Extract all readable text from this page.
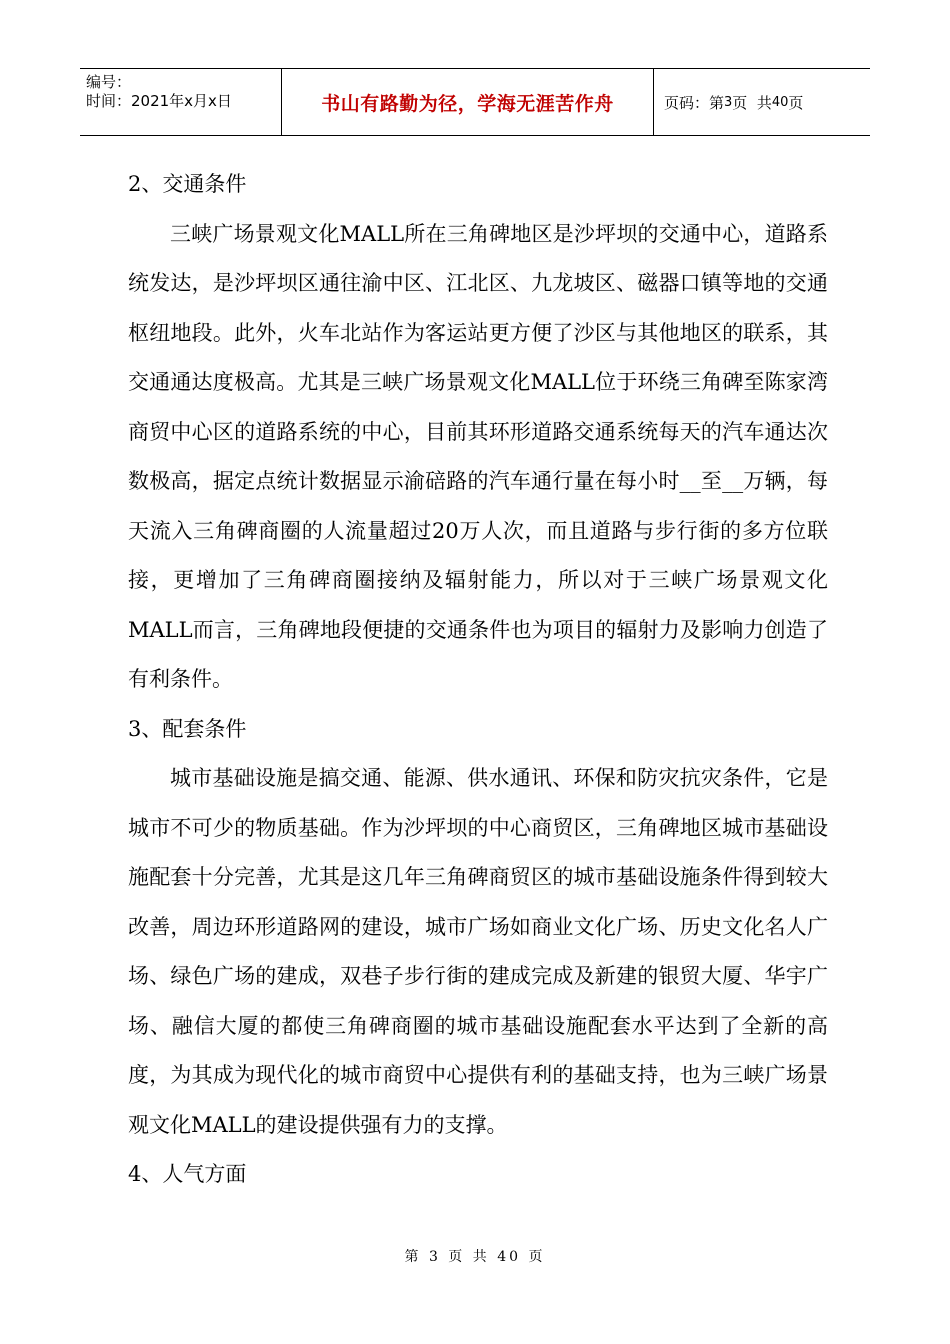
编号：
时间：2021年x月x日	书山有路勤为径，学海无涯苦作舟	页码：第 3 页  共 40 页

2、交通条件

三峡广场景观文化MALL所在三角碑地区是沙坪坝的交通中心，道路系统发达，是沙坪坝区通往渝中区、江北区、九龙坡区、磁器口镇等地的交通枢纽地段。此外，火车北站作为客运站更方便了沙区与其他地区的联系，其交通通达度极高。尤其是三峡广场景观文化MALL位于环绕三角碑至陈家湾商贸中心区的道路系统的中心，目前其环形道路交通系统每天的汽车通达次数极高，据定点统计数据显示渝碚路的汽车通行量在每小时__至__万辆，每天流入三角碑商圈的人流量超过20万人次，而且道路与步行街的多方位联接，更增加了三角碑商圈接纳及辐射能力，所以对于三峡广场景观文化MALL而言，三角碑地段便捷的交通条件也为项目的辐射力及影响力创造了有利条件。

3、配套条件

城市基础设施是搞交通、能源、供水通讯、环保和防灾抗灾条件，它是城市不可少的物质基础。作为沙坪坝的中心商贸区，三角碑地区城市基础设施配套十分完善，尤其是这几年三角碑商贸区的城市基础设施条件得到较大改善，周边环形道路网的建设，城市广场如商业文化广场、历史文化名人广场、绿色广场的建成，双巷子步行街的建成完成及新建的银贸大厦、华宇广场、融信大厦的都使三角碑商圈的城市基础设施配套水平达到了全新的高度，为其成为现代化的城市商贸中心提供有利的基础支持，也为三峡广场景观文化MALL的建设提供强有力的支撑。

4、人气方面

第 3 页 共 40 页
